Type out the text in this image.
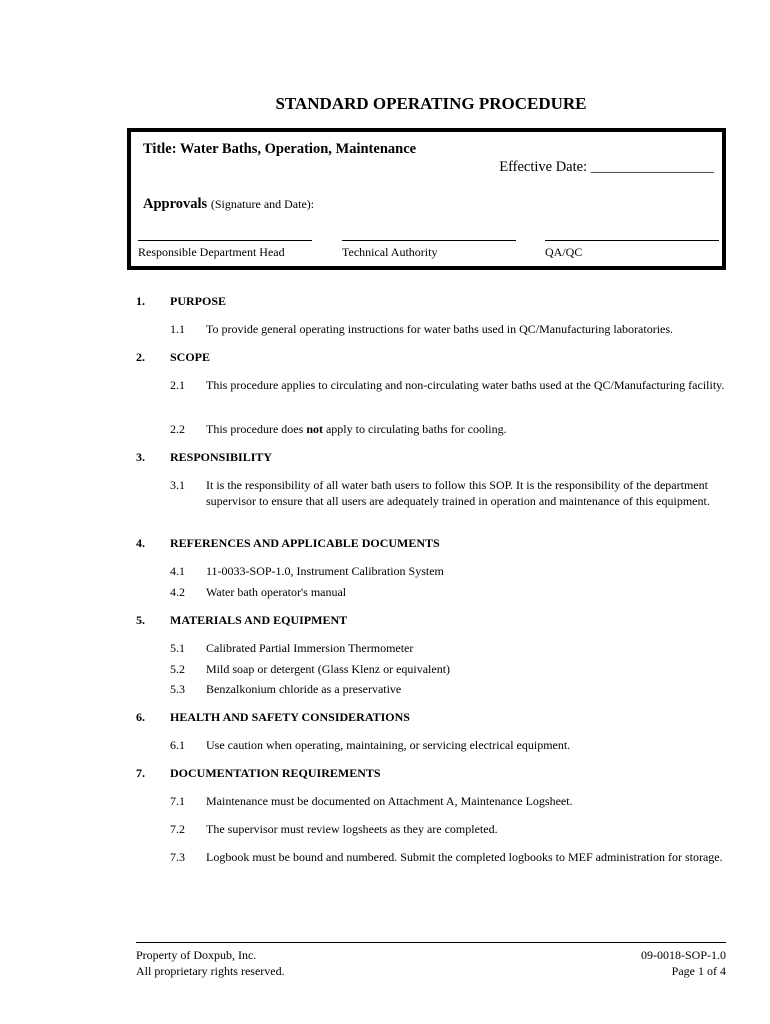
STANDARD OPERATING PROCEDURE
Title: Water Baths, Operation, Maintenance
Effective Date: _________________
Approvals (Signature and Date):
Responsible Department Head	Technical Authority	QA/QC
1. PURPOSE
1.1 To provide general operating instructions for water baths used in QC/Manufacturing laboratories.
2. SCOPE
2.1 This procedure applies to circulating and non-circulating water baths used at the QC/Manufacturing facility.
2.2 This procedure does not apply to circulating baths for cooling.
3. RESPONSIBILITY
3.1 It is the responsibility of all water bath users to follow this SOP. It is the responsibility of the department supervisor to ensure that all users are adequately trained in operation and maintenance of this equipment.
4. REFERENCES AND APPLICABLE DOCUMENTS
4.1 11-0033-SOP-1.0, Instrument Calibration System
4.2 Water bath operator's manual
5. MATERIALS AND EQUIPMENT
5.1 Calibrated Partial Immersion Thermometer
5.2 Mild soap or detergent (Glass Klenz or equivalent)
5.3 Benzalkonium chloride as a preservative
6. HEALTH AND SAFETY CONSIDERATIONS
6.1 Use caution when operating, maintaining, or servicing electrical equipment.
7. DOCUMENTATION REQUIREMENTS
7.1 Maintenance must be documented on Attachment A, Maintenance Logsheet.
7.2 The supervisor must review logsheets as they are completed.
7.3 Logbook must be bound and numbered. Submit the completed logbooks to MEF administration for storage.
Property of Doxpub, Inc.
All proprietary rights reserved.
09-0018-SOP-1.0
Page 1 of 4
